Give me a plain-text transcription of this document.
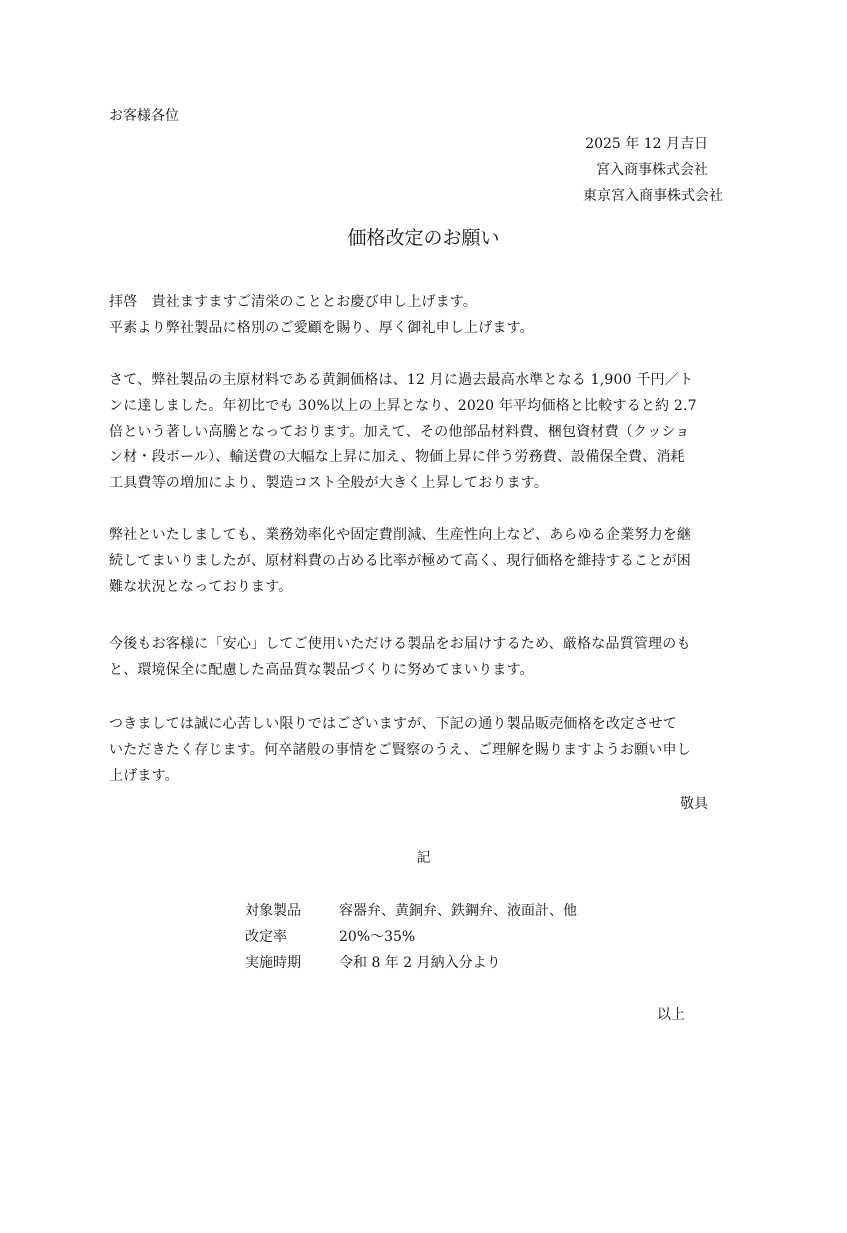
お客様各位
2025 年 12 月吉日
宮入商事株式会社
東京宮入商事株式会社
価格改定のお願い
拝啓　貴社ますますご清栄のこととお慶び申し上げます。
平素より弊社製品に格別のご愛顧を賜り、厚く御礼申し上げます。
さて、弊社製品の主原材料である黄銅価格は、12 月に過去最高水準となる 1,900 千円／ト
ンに達しました。年初比でも 30%以上の上昇となり、2020 年平均価格と比較すると約 2.7
倍という著しい高騰となっております。加えて、その他部品材料費、梱包資材費（クッショ
ン材・段ボール）、輸送費の大幅な上昇に加え、物価上昇に伴う労務費、設備保全費、消耗
工具費等の増加により、製造コスト全般が大きく上昇しております。
弊社といたしましても、業務効率化や固定費削減、生産性向上など、あらゆる企業努力を継
続してまいりましたが、原材料費の占める比率が極めて高く、現行価格を維持することが困
難な状況となっております。
今後もお客様に「安心」してご使用いただける製品をお届けするため、厳格な品質管理のも
と、環境保全に配慮した高品質な製品づくりに努めてまいります。
つきましては誠に心苦しい限りではございますが、下記の通り製品販売価格を改定させて
いただきたく存じます。何卒諸般の事情をご賢察のうえ、ご理解を賜りますようお願い申し
上げます。
敬具
記
対象製品	容器弁、黄銅弁、鉄鋼弁、液面計、他
改定率	20%～35%
実施時期	令和 8 年 2 月納入分より
以上
